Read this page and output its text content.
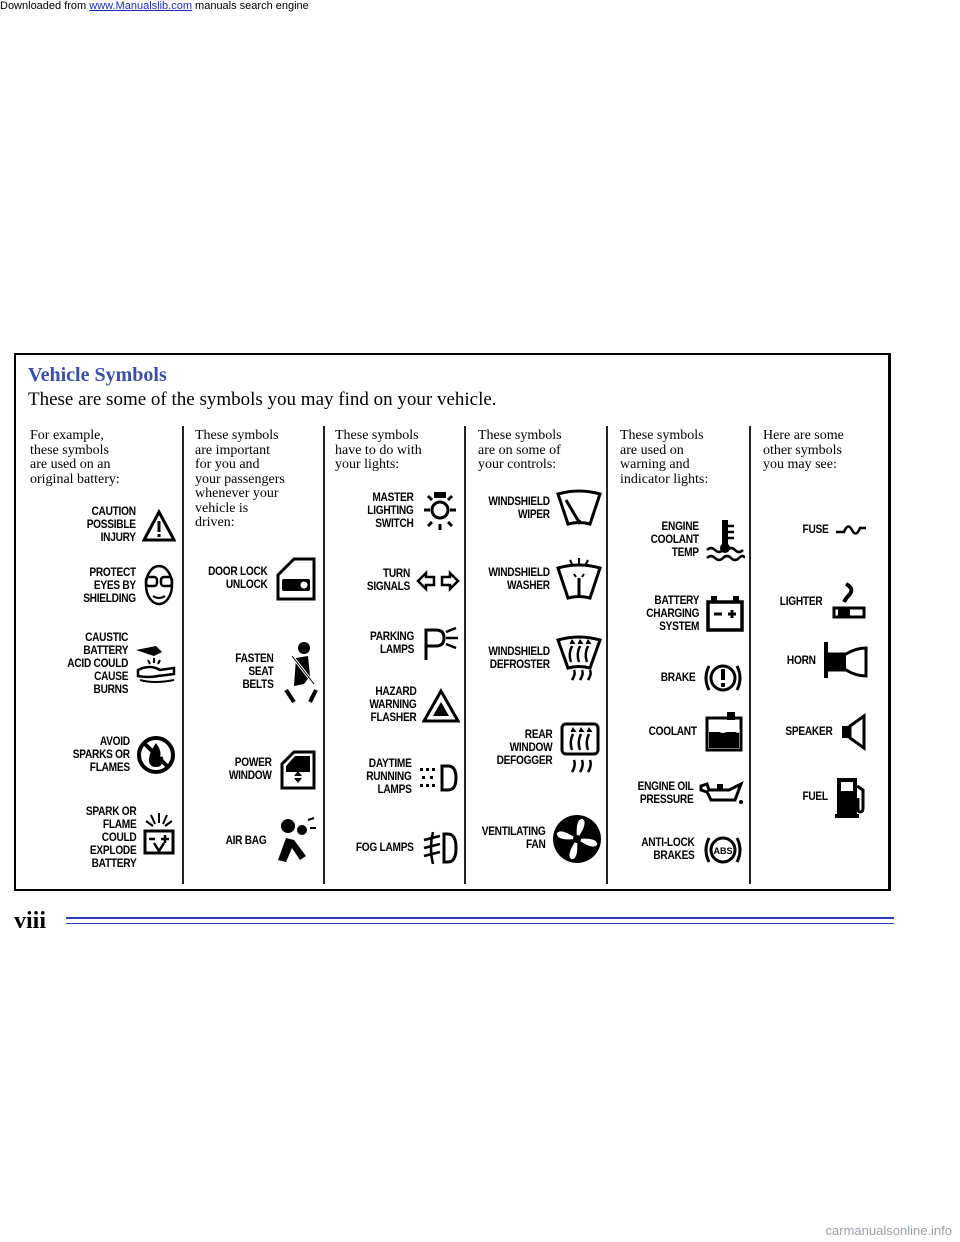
Downloaded from www.Manualslib.com manuals search engine
Vehicle Symbols
These are some of the symbols you may find on your vehicle.
For example,
these symbols
are used on an
original battery:
CAUTION
POSSIBLE
INJURY
PROTECT
EYES BY
SHIELDING
CAUSTIC
BATTERY
ACID COULD
CAUSE
BURNS
AVOID
SPARKS OR
FLAMES
SPARK OR
FLAME
COULD
EXPLODE
BATTERY
These symbols
are important
for you and
your passengers
whenever your
vehicle is
driven:
DOOR LOCK
UNLOCK
FASTEN
SEAT
BELTS
POWER
WINDOW
AIR BAG
These symbols
have to do with
your lights:
MASTER
LIGHTING
SWITCH
TURN
SIGNALS
PARKING
LAMPS
HAZARD
WARNING
FLASHER
DAYTIME
RUNNING
LAMPS
FOG LAMPS
These symbols
are on some of
your controls:
WINDSHIELD
WIPER
WINDSHIELD
WASHER
WINDSHIELD
DEFROSTER
REAR
WINDOW
DEFOGGER
VENTILATING
FAN
These symbols
are used on
warning and
indicator lights:
ENGINE
COOLANT
TEMP
BATTERY
CHARGING
SYSTEM
BRAKE
COOLANT
ENGINE OIL
PRESSURE
ANTI-LOCK
BRAKES ABS
Here are some
other symbols
you may see:
FUSE
LIGHTER
HORN
SPEAKER
FUEL
viii
carmanualsonline.info
